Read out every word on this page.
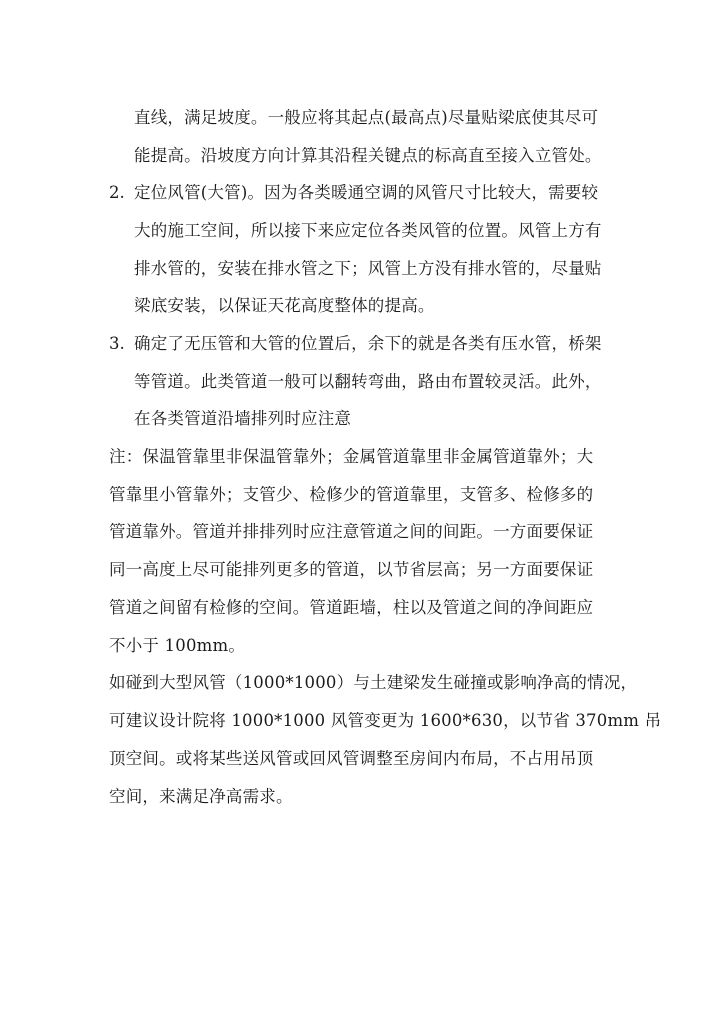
直线，满足坡度。一般应将其起点(最高点)尽量贴梁底使其尽可
能提高。沿坡度方向计算其沿程关键点的标高直至接入立管处。
2. 定位风管(大管)。因为各类暖通空调的风管尺寸比较大，需要较
大的施工空间，所以接下来应定位各类风管的位置。风管上方有
排水管的，安装在排水管之下；风管上方没有排水管的，尽量贴
梁底安装，以保证天花高度整体的提高。
3. 确定了无压管和大管的位置后，余下的就是各类有压水管，桥架
等管道。此类管道一般可以翻转弯曲，路由布置较灵活。此外，
在各类管道沿墙排列时应注意
注：保温管靠里非保温管靠外；金属管道靠里非金属管道靠外；大
管靠里小管靠外；支管少、检修少的管道靠里，支管多、检修多的
管道靠外。管道并排排列时应注意管道之间的间距。一方面要保证
同一高度上尽可能排列更多的管道，以节省层高；另一方面要保证
管道之间留有检修的空间。管道距墙，柱以及管道之间的净间距应
不小于 100mm。
如碰到大型风管（1000*1000）与土建梁发生碰撞或影响净高的情况，
可建议设计院将 1000*1000 风管变更为 1600*630，以节省 370mm 吊
顶空间。或将某些送风管或回风管调整至房间内布局，不占用吊顶
空间，来满足净高需求。
